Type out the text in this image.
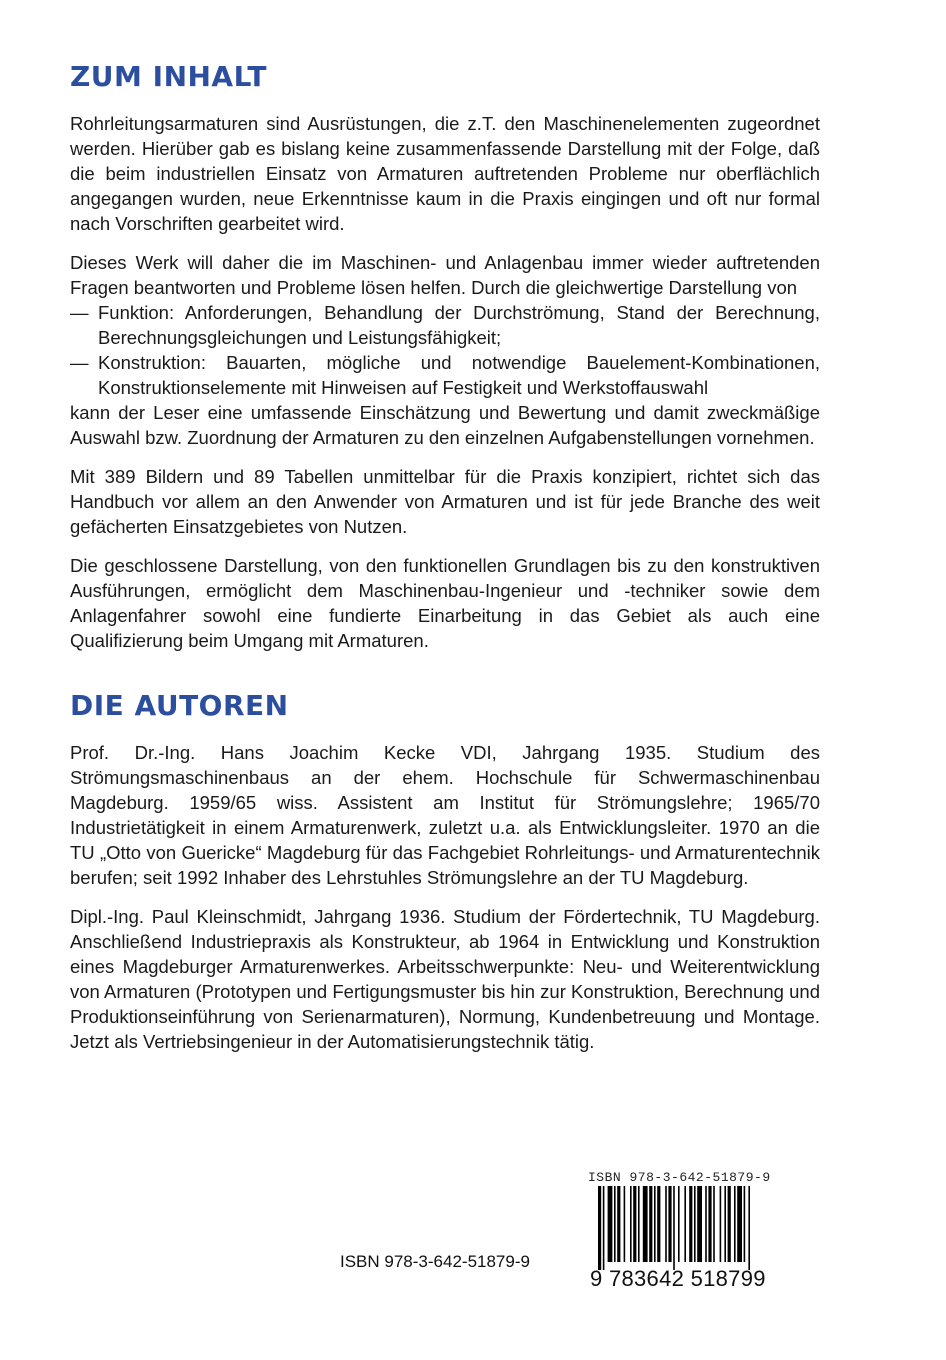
ZUM INHALT

Rohrleitungsarmaturen sind Ausrüstungen, die z.T. den Maschinenelementen zugeordnet werden. Hierüber gab es bislang keine zusammenfassende Darstellung mit der Folge, daß die beim industriellen Einsatz von Armaturen auftretenden Probleme nur oberflächlich angegangen wurden, neue Erkenntnisse kaum in die Praxis eingingen und oft nur formal nach Vorschriften gearbeitet wird.

Dieses Werk will daher die im Maschinen- und Anlagenbau immer wieder auftretenden Fragen beantworten und Probleme lösen helfen. Durch die gleichwertige Darstellung von

— Funktion: Anforderungen, Behandlung der Durchströmung, Stand der Berechnung, Berechnungsgleichungen und Leistungsfähigkeit;
— Konstruktion: Bauarten, mögliche und notwendige Bauelement-Kombinationen, Konstruktionselemente mit Hinweisen auf Festigkeit und Werkstoffauswahl

kann der Leser eine umfassende Einschätzung und Bewertung und damit zweckmäßige Auswahl bzw. Zuordnung der Armaturen zu den einzelnen Aufgabenstellungen vornehmen.

Mit 389 Bildern und 89 Tabellen unmittelbar für die Praxis konzipiert, richtet sich das Handbuch vor allem an den Anwender von Armaturen und ist für jede Branche des weit gefächerten Einsatzgebietes von Nutzen.

Die geschlossene Darstellung, von den funktionellen Grundlagen bis zu den konstruktiven Ausführungen, ermöglicht dem Maschinenbau-Ingenieur und -techniker sowie dem Anlagenfahrer sowohl eine fundierte Einarbeitung in das Gebiet als auch eine Qualifizierung beim Umgang mit Armaturen.

DIE AUTOREN

Prof. Dr.-Ing. Hans Joachim Kecke VDI, Jahrgang 1935. Studium des Strömungsmaschinenbaus an der ehem. Hochschule für Schwermaschinenbau Magdeburg. 1959/65 wiss. Assistent am Institut für Strömungslehre; 1965/70 Industrietätigkeit in einem Armaturenwerk, zuletzt u.a. als Entwicklungsleiter. 1970 an die TU „Otto von Guericke“ Magdeburg für das Fachgebiet Rohrleitungs- und Armaturentechnik berufen; seit 1992 Inhaber des Lehrstuhles Strömungslehre an der TU Magdeburg.

Dipl.-Ing. Paul Kleinschmidt, Jahrgang 1936. Studium der Fördertechnik, TU Magdeburg. Anschließend Industriepraxis als Konstrukteur, ab 1964 in Entwicklung und Konstruktion eines Magdeburger Armaturenwerkes. Arbeitsschwerpunkte: Neu- und Weiterentwicklung von Armaturen (Prototypen und Fertigungsmuster bis hin zur Konstruktion, Berechnung und Produktionseinführung von Serienarmaturen), Normung, Kundenbetreuung und Montage. Jetzt als Vertriebsingenieur in der Automatisierungstechnik tätig.

ISBN 978-3-642-51879-9
ISBN 978-3-642-51879-9
9 783642 518799
